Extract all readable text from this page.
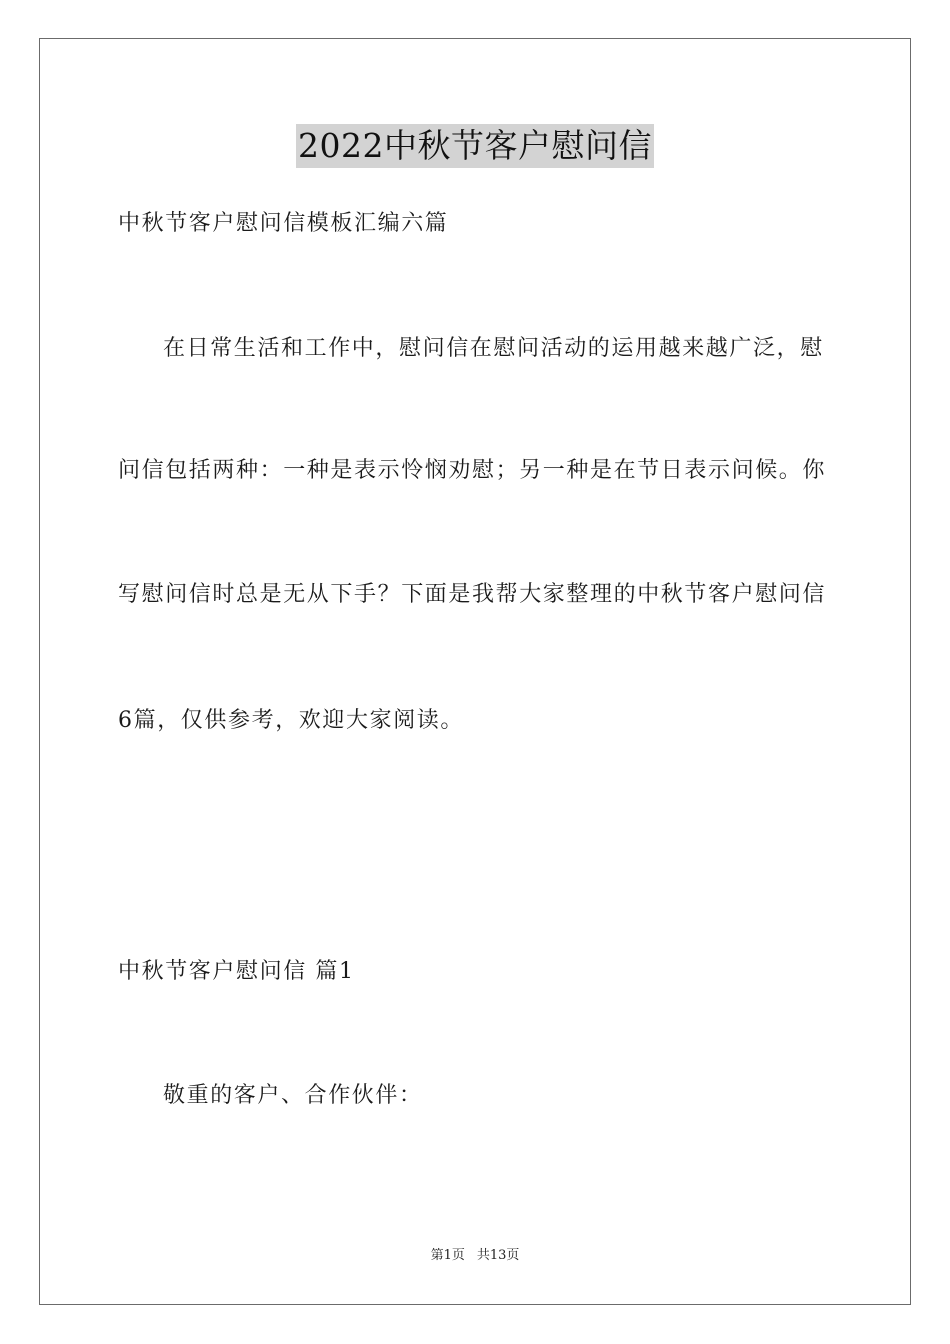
2022中秋节客户慰问信
中秋节客户慰问信模板汇编六篇
在日常生活和工作中，慰问信在慰问活动的运用越来越广泛，慰
问信包括两种：一种是表示怜悯劝慰；另一种是在节日表示问候。你
写慰问信时总是无从下手？下面是我帮大家整理的中秋节客户慰问信
6篇，仅供参考，欢迎大家阅读。
中秋节客户慰问信 篇1
敬重的客户、合作伙伴：
第1页 共13页
